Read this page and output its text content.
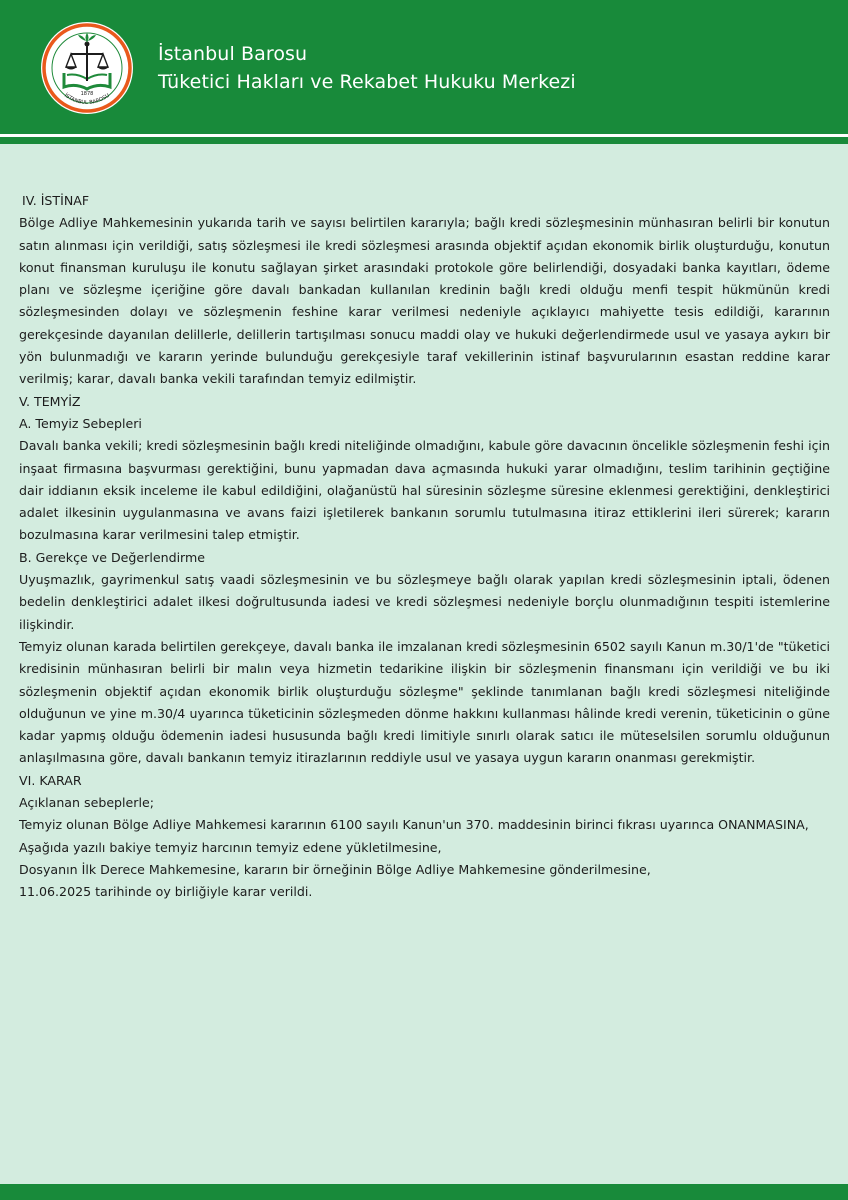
1878
İSTANBUL BAROSU
İstanbul Barosu
Tüketici Hakları ve Rekabet Hukuku Merkezi

IV. İSTİNAF

Bölge Adliye Mahkemesinin yukarıda tarih ve sayısı belirtilen kararıyla; bağlı kredi sözleşmesinin münhasıran belirli bir konutun satın alınması için verildiği, satış sözleşmesi ile kredi sözleşmesi arasında objektif açıdan ekonomik birlik oluşturduğu, konutun konut finansman kuruluşu ile konutu sağlayan şirket arasındaki protokole göre belirlendiği, dosyadaki banka kayıtları, ödeme planı ve sözleşme içeriğine göre davalı bankadan kullanılan kredinin bağlı kredi olduğu menfi tespit hükmünün kredi sözleşmesinden dolayı ve sözleşmenin feshine karar verilmesi nedeniyle açıklayıcı mahiyette tesis edildiği, kararının gerekçesinde dayanılan delillerle, delillerin tartışılması sonucu maddi olay ve hukuki değerlendirmede usul ve yasaya aykırı bir yön bulunmadığı ve kararın yerinde bulunduğu gerekçesiyle taraf vekillerinin istinaf başvurularının esastan reddine karar verilmiş; karar, davalı banka vekili tarafından temyiz edilmiştir.

V. TEMYİZ

A. Temyiz Sebepleri

Davalı banka vekili; kredi sözleşmesinin bağlı kredi niteliğinde olmadığını, kabule göre davacının öncelikle sözleşmenin feshi için inşaat firmasına başvurması gerektiğini, bunu yapmadan dava açmasında hukuki yarar olmadığını, teslim tarihinin geçtiğine dair iddianın eksik inceleme ile kabul edildiğini, olağanüstü hal süresinin sözleşme süresine eklenmesi gerektiğini, denkleştirici adalet ilkesinin uygulanmasına ve avans faizi işletilerek bankanın sorumlu tutulmasına itiraz ettiklerini ileri sürerek; kararın bozulmasına karar verilmesini talep etmiştir.

B. Gerekçe ve Değerlendirme

Uyuşmazlık, gayrimenkul satış vaadi sözleşmesinin ve bu sözleşmeye bağlı olarak yapılan kredi sözleşmesinin iptali, ödenen bedelin denkleştirici adalet ilkesi doğrultusunda iadesi ve kredi sözleşmesi nedeniyle borçlu olunmadığının tespiti istemlerine ilişkindir.

Temyiz olunan karada belirtilen gerekçeye, davalı banka ile imzalanan kredi sözleşmesinin 6502 sayılı Kanun m.30/1'de "tüketici kredisinin münhasıran belirli bir malın veya hizmetin tedarikine ilişkin bir sözleşmenin finansmanı için verildiği ve bu iki sözleşmenin objektif açıdan ekonomik birlik oluşturduğu sözleşme" şeklinde tanımlanan bağlı kredi sözleşmesi niteliğinde olduğunun ve yine m.30/4 uyarınca tüketicinin sözleşmeden dönme hakkını kullanması hâlinde kredi verenin, tüketicinin o güne kadar yapmış olduğu ödemenin iadesi hususunda bağlı kredi limitiyle sınırlı olarak satıcı ile müteselsilen sorumlu olduğunun anlaşılmasına göre, davalı bankanın temyiz itirazlarının reddiyle usul ve yasaya uygun kararın onanması gerekmiştir.

VI. KARAR

Açıklanan sebeplerle;

Temyiz olunan Bölge Adliye Mahkemesi kararının 6100 sayılı Kanun'un 370. maddesinin birinci fıkrası uyarınca ONANMASINA,

Aşağıda yazılı bakiye temyiz harcının temyiz edene yükletilmesine,

Dosyanın İlk Derece Mahkemesine, kararın bir örneğinin Bölge Adliye Mahkemesine gönderilmesine,

11.06.2025 tarihinde oy birliğiyle karar verildi.
